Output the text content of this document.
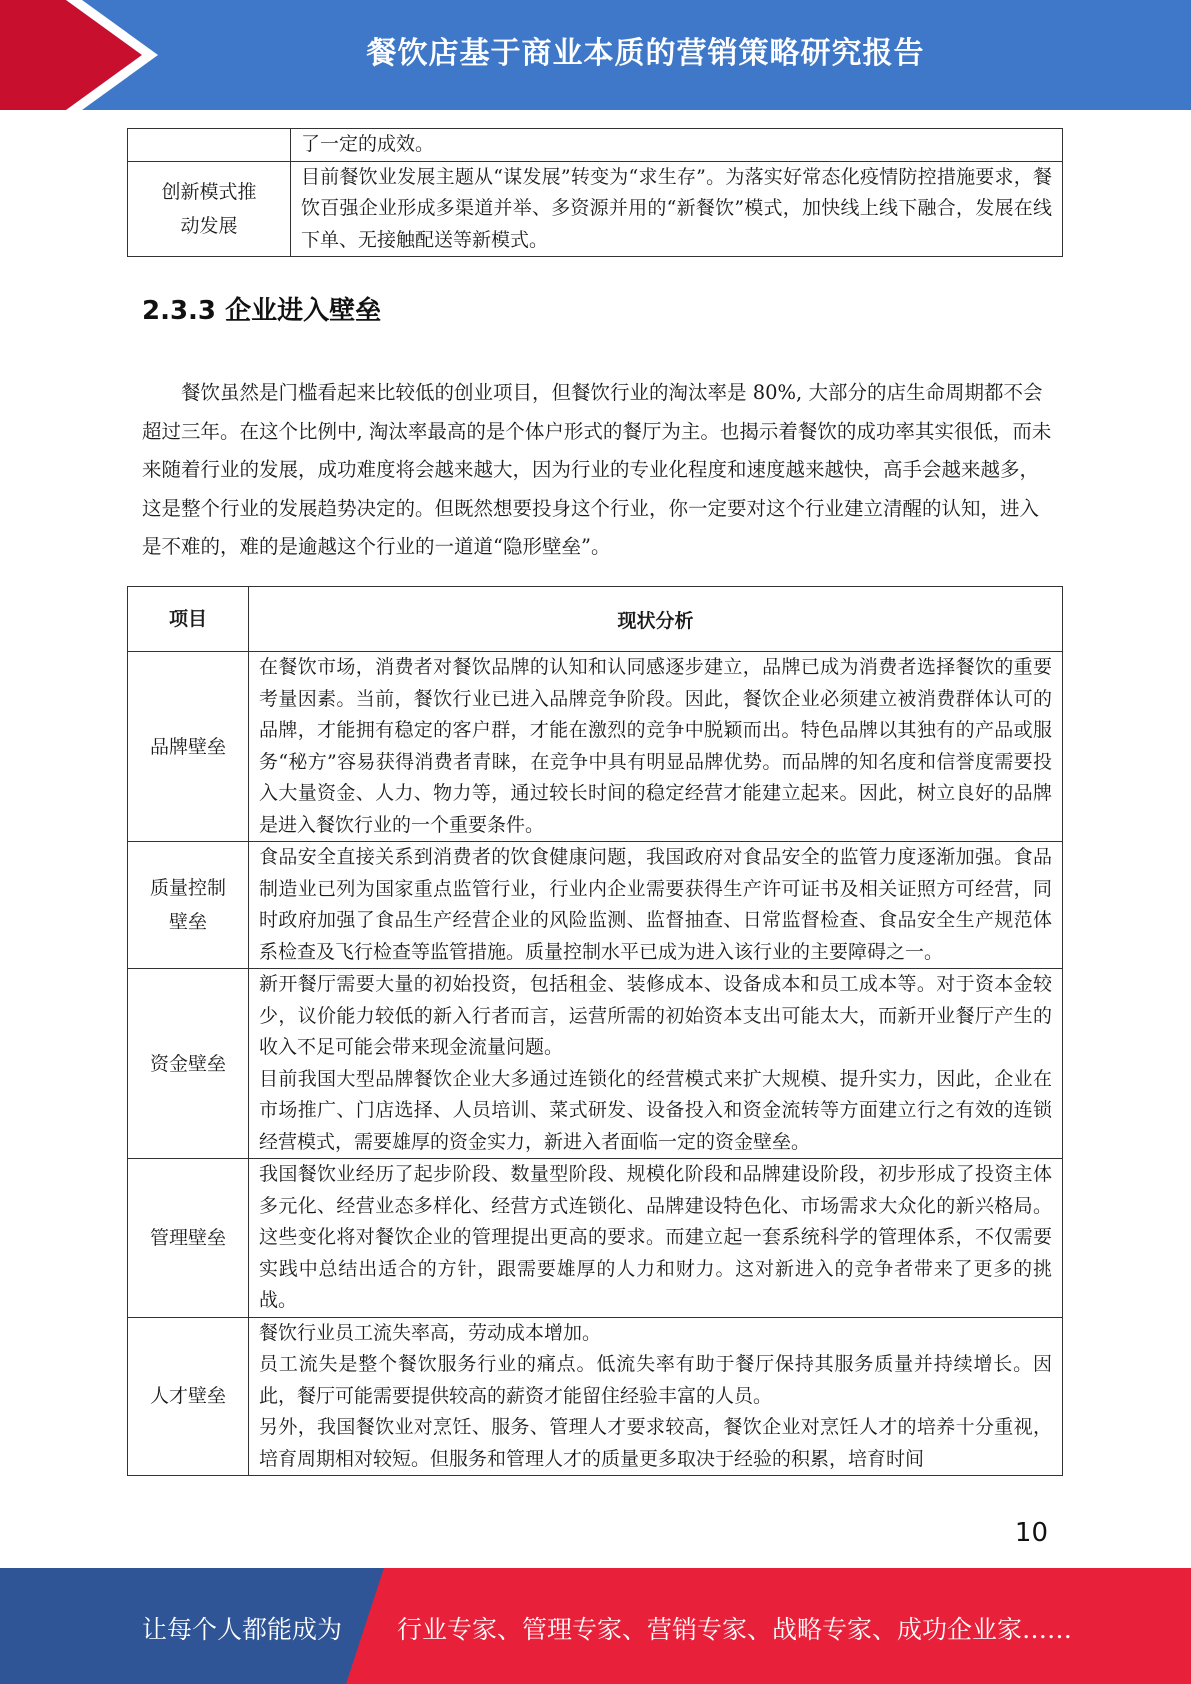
餐饮店基于商业本质的营销策略研究报告
	了一定的成效。

创新模式推动发展	目前餐饮业发展主题从“谋发展”转变为“求生存”。为落实好常态化疫情防控措施要求，餐饮百强企业形成多渠道并举、多资源并用的“新餐饮”模式，加快线上线下融合，发展在线下单、无接触配送等新模式。
2.3.3 企业进入壁垒

餐饮虽然是门槛看起来比较低的创业项目，但餐饮行业的淘汰率是 80%, 大部分的店生命周期都不会超过三年。在这个比例中, 淘汰率最高的是个体户形式的餐厅为主。也揭示着餐饮的成功率其实很低，而未来随着行业的发展，成功难度将会越来越大，因为行业的专业化程度和速度越来越快，高手会越来越多，这是整个行业的发展趋势决定的。但既然想要投身这个行业，你一定要对这个行业建立清醒的认知，进入是不难的，难的是逾越这个行业的一道道“隐形壁垒”。

项目	现状分析
品牌壁垒	在餐饮市场，消费者对餐饮品牌的认知和认同感逐步建立，品牌已成为消费者选择餐饮的重要考量因素。当前，餐饮行业已进入品牌竞争阶段。因此，餐饮企业必须建立被消费群体认可的品牌，才能拥有稳定的客户群，才能在激烈的竞争中脱颖而出。特色品牌以其独有的产品或服务“秘方”容易获得消费者青睐，在竞争中具有明显品牌优势。而品牌的知名度和信誉度需要投入大量资金、人力、物力等，通过较长时间的稳定经营才能建立起来。因此，树立良好的品牌是进入餐饮行业的一个重要条件。

质量控制壁垒	食品安全直接关系到消费者的饮食健康问题，我国政府对食品安全的监管力度逐渐加强。食品制造业已列为国家重点监管行业，行业内企业需要获得生产许可证书及相关证照方可经营，同时政府加强了食品生产经营企业的风险监测、监督抽查、日常监督检查、食品安全生产规范体系检查及飞行检查等监管措施。质量控制水平已成为进入该行业的主要障碍之一。

资金壁垒	新开餐厅需要大量的初始投资，包括租金、装修成本、设备成本和员工成本等。对于资本金较少，议价能力较低的新入行者而言，运营所需的初始资本支出可能太大，而新开业餐厅产生的收入不足可能会带来现金流量问题。

目前我国大型品牌餐饮企业大多通过连锁化的经营模式来扩大规模、提升实力，因此，企业在市场推广、门店选择、人员培训、菜式研发、设备投入和资金流转等方面建立行之有效的连锁经营模式，需要雄厚的资金实力，新进入者面临一定的资金壁垒。

管理壁垒	我国餐饮业经历了起步阶段、数量型阶段、规模化阶段和品牌建设阶段，初步形成了投资主体多元化、经营业态多样化、经营方式连锁化、品牌建设特色化、市场需求大众化的新兴格局。这些变化将对餐饮企业的管理提出更高的要求。而建立起一套系统科学的管理体系，不仅需要实践中总结出适合的方针，跟需要雄厚的人力和财力。这对新进入的竞争者带来了更多的挑战。

人才壁垒	餐饮行业员工流失率高，劳动成本增加。

员工流失是整个餐饮服务行业的痛点。低流失率有助于餐厅保持其服务质量并持续增长。因此，餐厅可能需要提供较高的薪资才能留住经验丰富的人员。

另外，我国餐饮业对烹饪、服务、管理人才要求较高，餐饮企业对烹饪人才的培养十分重视，培育周期相对较短。但服务和管理人才的质量更多取决于经验的积累，培育时间

10
让每个人都能成为 行业专家、管理专家、营销专家、战略专家、成功企业家……
